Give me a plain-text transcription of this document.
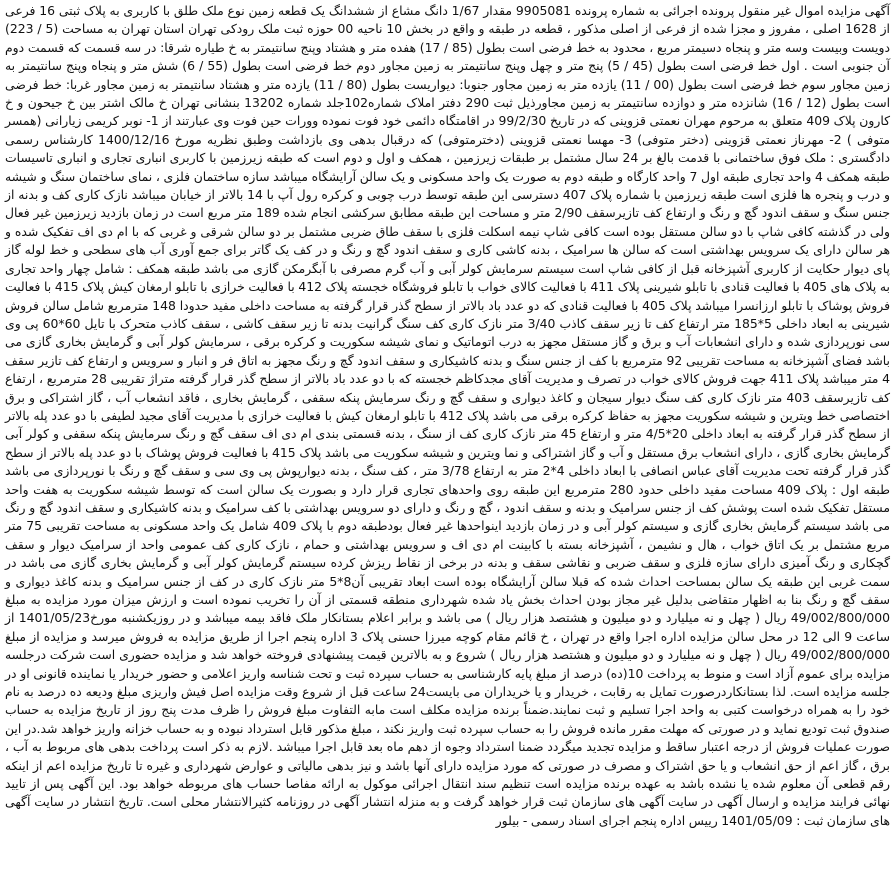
آگهی مزایده اموال غیر منقول پرونده اجرائی به شماره پرونده 9905081 مقدار 1/67 دانگ مشاع از ششدانگ یک قطعه زمین نوع ملک طلق با کاربری به پلاک ثبتی 16 فرعی از 1628 اصلی ، مفروز و مجزا شده از فرعی از اصلی مذکور ، قطعه در طبقه و واقع در بخش 10 ناحیه 00 حوزه ثبت ملک رودکی تهران استان تهران به مساحت (5 / 223) دویست وبیست وسه متر و پنجاه دسیمتر مربع ، محدود به خط فرضی است بطول (85 / 17) هفده متر و هشتاد وپنج سانتیمتر به خ طیاره شرقا: در سه قسمت که قسمت دوم آن جنوبی است . اول خط فرضی است بطول (45 / 5) پنج متر و چهل وپنج سانتیمتر به زمین مجاور دوم خط فرضی است بطول (55 / 6) شش متر و پنجاه وپنج سانتیمتر به زمین مجاور سوم خط فرضی است بطول (00 / 11) یازده متر به زمین مجاور جنوبا: دیواریست بطول (80 / 11) یازده متر و هشتاد سانتیمتر به زمین مجاور غربا: خط فرضی است بطول (12 / 16) شانزده متر و دوازده سانتیمتر به زمین مجاورذیل ثبت 290 دفتر املاک شماره102جلد شماره 13202 بنشانی تهران خ مالک اشتر بین خ جیحون و خ کارون پلاک 409 متعلق به مرحوم مهران نعمتی قزوینی که در تاریخ 99/2/30 در اقامتگاه دائمی خود فوت نموده وورات حین فوت وی عبارتند از 1- نوبر کریمی زیارانی (همسر متوفی ) 2- مهرناز نعمتی قزوینی (دختر متوفی) 3- مهسا نعمتی قزوینی (دخترمتوفی) که درقبال بدهی وی بازداشت وطبق نظریه مورخ 1400/12/16 کارشناس رسمی دادگستری : ملک فوق ساختمانی با قدمت بالغ بر 24 سال مشتمل بر طبقات زیرزمین ، همکف و اول و دوم است که طبقه زیرزمین با کاربری انباری تجاری و انباری تاسیسات طبقه همکف 4 واحد تجاری طبقه اول 7 واحد کارگاه و طبقه دوم به صورت یک واحد مسکونی و یک سالن آرایشگاه میباشد سازه ساختمان فلزی ، نمای ساختمان سنگ و شیشه و درب و پنجره ها فلزی است طبقه زیرزمین با شماره پلاک 407 دسترسی این طبقه توسط درب چوبی و کرکره رول آپ با 14 بالاتر از خیابان میباشد نازک کاری کف و بدنه از جنس سنگ و سقف اندود گچ و رنگ و ارتفاع کف تازیرسقف 2/90 متر و مساحت این طبقه مطابق سرکشی انجام شده 189 متر مربع است در زمان بازدید زیرزمین غیر فعال ولی در گذشته کافی شاپ با دو سالن مستقل بوده است کافی شاپ نیمه اسکلت فلزی با سقف طاق ضربی مشتمل بر دو سالن شرقی و غربی که با ام دی اف تفکیک شده و هر سالن دارای یک سرویس بهداشتی است که سالن ها سرامیک ، بدنه کاشی کاری و سقف اندود گچ و رنگ و در کف یک گاتر برای جمع آوری آب های سطحی و خط لوله گاز پای دیوار حکایت از کاربری آشپزخانه قبل از کافی شاپ است سیستم سرمایش کولر آبی و آب گرم مصرفی با آبگرمکن گازی می باشد طبقه همکف : شامل چهار واحد تجاری به پلاک های 405 با فعالیت قنادی با تابلو شیرینی پلاک 411 با فعالیت کالای خواب با تابلو فروشگاه خجسته پلاک 412 با فعالیت خرازی با تابلو ارمغان کیش پلاک 415 با فعالیت فروش پوشاک با تابلو ارزانسرا میباشد پلاک 405 با فعالیت قنادی که دو عدد باد بالاتر از سطح گذر قرار گرفته به مساحت داخلی مفید حدودا 148 مترمربع شامل سالن فروش شیرینی به ابعاد داخلی 5*185 متر ارتفاع کف تا زیر سقف کاذب 3/40 متر نازک کاری کف سنگ گرانیت بدنه تا زیر سقف کاشی ، سقف کاذب متحرک با تایل 60*60 پی وی سی نورپردازی شده و دارای انشعابات آب و برق و گاز مستقل مجهز به درب اتوماتیک و نمای شیشه سکوریت و کرکره برقی ، سرمایش کولر آبی و گرمایش بخاری گازی می باشد فضای آشپزخانه به مساحت تقریبی 92 مترمربع با کف از جنس سنگ و بدنه کاشیکاری و سقف اندود گچ و رنگ مجهز به اتاق فر و انبار و سرویس و ارتفاع کف تازیر سقف 4 متر میباشد پلاک 411 جهت فروش کالای خواب در تصرف و مدیریت آقای مجدکاظم خجسته که با دو عدد باد بالاتر از سطح گذر قرار گرفته متراژ تقریبی 28 مترمربع ، ارتفاع کف تازیرسقف 403 متر نازک کاری کف سنگ دیوار سیجان و کاغذ دیواری و سقف گچ و رنگ سرمایش پنکه سقفی ، گرمایش بخاری ، فاقد انشعاب آب ، گاز اشتراکی و برق اختصاصی خط ویترین و شیشه سکوریت مجهز به حفاظ کرکره برقی می باشد پلاک 412 با تابلو ارمغان کیش با فعالیت خرازی با مدیریت آقای مجید لطیفی با دو عدد پله بالاتر از سطح گذر قرار گرفته به ابعاد داخلی 20*4/5 متر و ارتفاع 45 متر نازک کاری کف از سنگ ، بدنه قسمتی بندی ام دی اف سقف گچ و رنگ سرمایش پنکه سقفی و کولر آبی گرمایش بخاری گازی ، دارای انشعاب برق مستقل و آب و گاز اشتراکی و نما ویترین و شیشه سکوریت می باشد پلاک 415 با فعالیت فروش پوشاک با دو عدد پله بالاتر از سطح گذر قرار گرفته تحت مدیریت آقای عباس انصافی با ابعاد داخلی 4*2 متر به ارتفاع 3/78 متر ، کف سنگ ، بدنه دیوارپوش پی وی سی و سقف گچ و رنگ با نورپردازی می باشد طبقه اول : پلاک 409 مساحت مفید داخلی حدود 280 مترمربع این طبقه روی واحدهای تجاری قرار دارد و بصورت یک سالن است که توسط شیشه سکوریت به هفت واحد مستقل تفکیک شده است پوشش کف از جنس سرامیک و بدنه و سقف اندود ، گچ و رنگ و دارای دو سرویس بهداشتی با کف سرامیک و بدنه کاشیکاری و سقف اندود گچ و رنگ می باشد سیستم گرمایش بخاری گازی و سیستم کولر آبی و در زمان بازدید اینواحدها غیر فعال بودطبقه دوم با پلاک 409 شامل یک واحد مسکونی به مساحت تقریبی 75 متر مربع مشتمل بر یک اتاق خواب ، هال و نشیمن ، آشپزخانه بسته با کابینت ام دی اف و سرویس بهداشتی و حمام ، نازک کاری کف عمومی واحد از سرامیک دیوار و سقف گچکاری و رنگ آمیزی دارای سازه فلزی و سقف ضربی و نقاشی سقف و بدنه در برخی از نقاط ریزش کرده سیستم گرمایش کولر آبی و گرمایش بخاری گازی می باشد در سمت غربی این طبقه یک سالن بمساحت احداث شده که قبلا سالن آرایشگاه بوده است ابعاد تقریبی آن8*5 متر نازک کاری در کف از جنس سرامیک و بدنه کاغذ دیواری و سقف گچ و رنگ بنا به اظهار متقاضی بدلیل غیر مجاز بودن احداث بخش یاد شده شهرداری منطقه قسمتی از آن را تخریب نموده است و ارزش میزان مورد مزایده به مبلغ 49/002/800/000 ریال ( چهل و نه میلیارد و دو میلیون و هشتصد هزار ریال ) می باشد و برابر اعلام بستانکار ملک فاقد بیمه میباشد و در روزیکشنبه مورخ1401/05/23 از ساعت 9 الی 12 در محل سالن مزایده اداره اجرا واقع در تهران ، خ قائم مقام کوچه میرزا حسنی پلاک 3 اداره پنجم اجرا از طریق مزایده به فروش میرسد و مزایده از مبلغ 49/002/800/000 ریال ( چهل و نه میلیارد و دو میلیون و هشتصد هزار ریال ) شروع و به بالاترین قیمت پیشنهادی فروخته خواهد شد و مزایده حضوری است شرکت درجلسه مزایده برای عموم آزاد است و منوط به پرداخت 10(ده) درصد از مبلغ پایه کارشناسی به حساب سپرده ثبت و تحت شناسه واریز اعلامی و حضور خریدار یا نماینده قانونی او در جلسه مزایده است. لذا بستانکاردرصورت تمایل به رقابت ، خریدار و یا خریداران می بایست24 ساعت قبل از شروع وقت مزایده اصل فیش واریزی مبلغ ودیعه ده درصد به نام خود را به همراه درخواست کتبی به واحد اجرا تسلیم و ثبت نمایند.ضمناً برنده مزایده مکلف است مابه التفاوت مبلغ فروش را ظرف مدت پنج روز از تاریخ مزایده به حساب صندوق ثبت تودیع نماید و در صورتی که مهلت مقرر مانده فروش را به حساب سپرده ثبت واریز نکند ، مبلغ مذکور قابل استرداد نبوده و به حساب خزانه واریز خواهد شد.در این صورت عملیات فروش از درجه اعتبار ساقط و مزایده تجدید میگردد ضمنا استرداد وجوه از دهم ماه بعد قابل اجرا میباشد .لازم به ذکر است پرداخت بدهی های مربوط به آب ، برق ، گاز اعم از حق انشعاب و یا حق اشتراک و مصرف در صورتی که مورد مزایده دارای آنها باشد و نیز بدهی مالیاتی و عوارض شهرداری و غیره تا تاریخ مزایده اعم از اینکه رقم قطعی آن معلوم شده یا نشده باشد به عهده برنده مزایده است تنظیم سند انتقال اجرائی موکول به ارائه مفاصا حساب های مربوطه خواهد بود. این آگهی پس از تایید نهائی فرایند مزایده و ارسال آگهی در سایت آگهی های سازمان ثبت قرار خواهد گرفت و به منزله انتشار آگهی در روزنامه کثیرالانتشار محلی است. تاریخ انتشار در سایت آگهی های سازمان ثبت : 1401/05/09 رییس اداره پنجم اجرای اسناد رسمی - بیلور
